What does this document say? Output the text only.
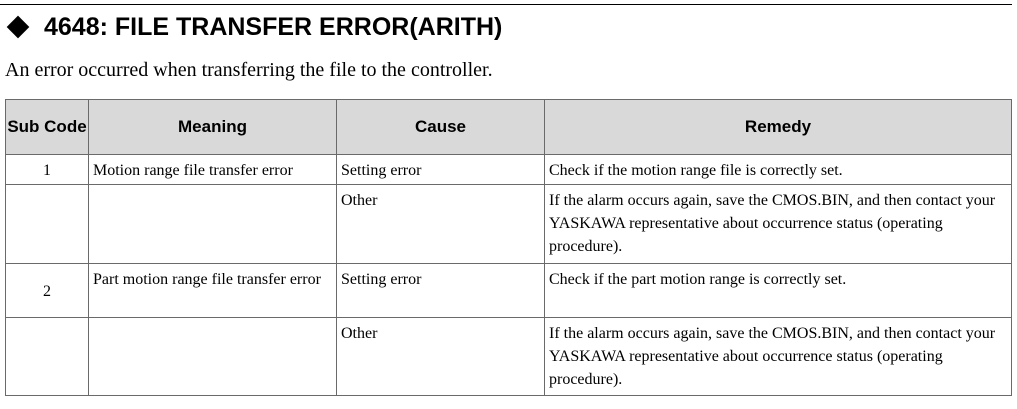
4648: FILE TRANSFER ERROR(ARITH)
An error occurred when transferring the file to the controller.
Sub Code	Meaning	Cause	Remedy
1	Motion range file transfer error	Setting error	Check if the motion range file is correctly set.
		Other	If the alarm occurs again, save the CMOS.BIN, and then contact your YASKAWA representative about occurrence status (operating procedure).
2	Part motion range file transfer error	Setting error	Check if the part motion range is correctly set.
		Other	If the alarm occurs again, save the CMOS.BIN, and then contact your YASKAWA representative about occurrence status (operating procedure).
